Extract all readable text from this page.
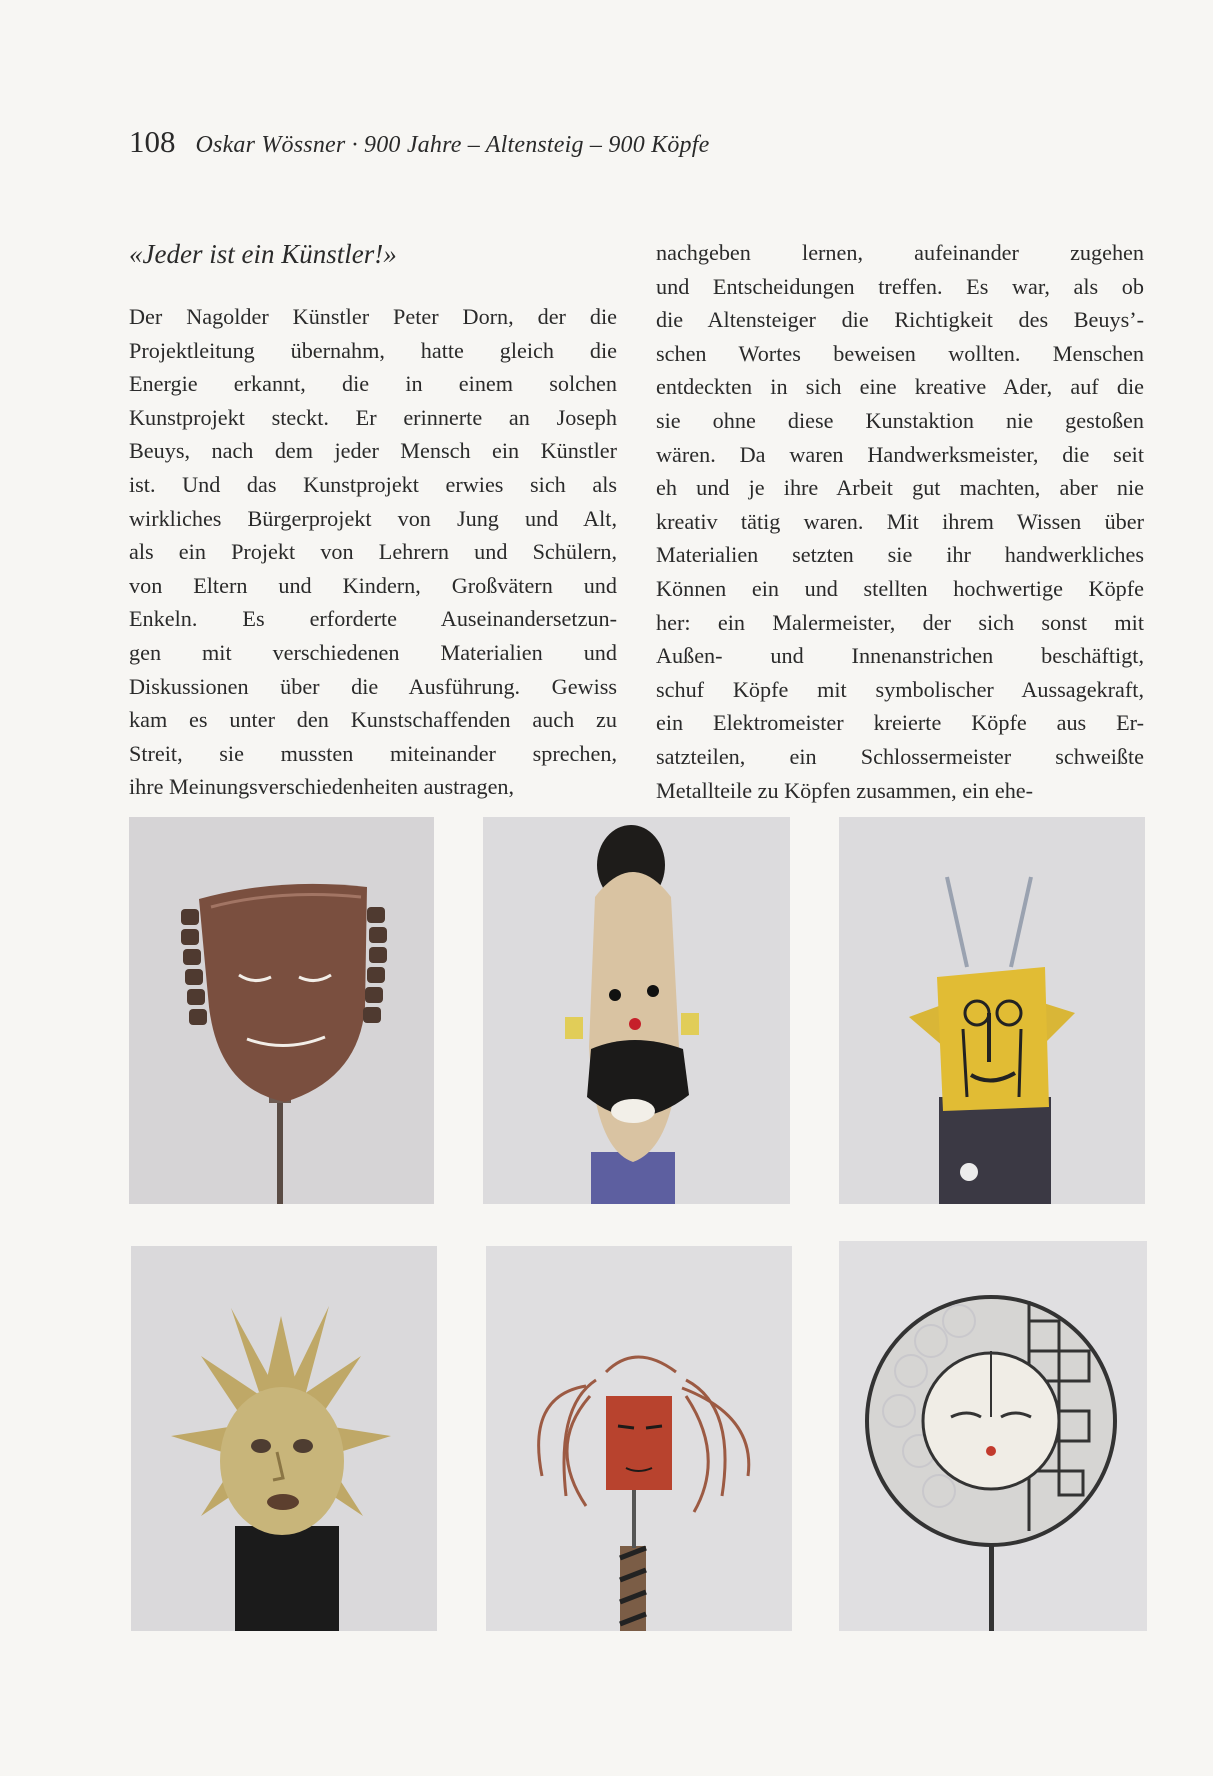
108 Oskar Wössner · 900 Jahre – Altensteig – 900 Köpfe
«Jeder ist ein Künstler!»
Der Nagolder Künstler Peter Dorn, der die
Projektleitung übernahm, hatte gleich die
Energie erkannt, die in einem solchen
Kunstprojekt steckt. Er erinnerte an Joseph
Beuys, nach dem jeder Mensch ein Künstler
ist. Und das Kunstprojekt erwies sich als
wirkliches Bürgerprojekt von Jung und Alt,
als ein Projekt von Lehrern und Schülern,
von Eltern und Kindern, Großvätern und
Enkeln. Es erforderte Auseinandersetzun-
gen mit verschiedenen Materialien und
Diskussionen über die Ausführung. Gewiss
kam es unter den Kunstschaffenden auch zu
Streit, sie mussten miteinander sprechen,
ihre Meinungsverschiedenheiten austragen,
nachgeben lernen, aufeinander zugehen
und Entscheidungen treffen. Es war, als ob
die Altensteiger die Richtigkeit des Beuys’-
schen Wortes beweisen wollten. Menschen
entdeckten in sich eine kreative Ader, auf die
sie ohne diese Kunstaktion nie gestoßen
wären. Da waren Handwerksmeister, die seit
eh und je ihre Arbeit gut machten, aber nie
kreativ tätig waren. Mit ihrem Wissen über
Materialien setzten sie ihr handwerkliches
Können ein und stellten hochwertige Köpfe
her: ein Malermeister, der sich sonst mit
Außen- und Innenanstrichen beschäftigt,
schuf Köpfe mit symbolischer Aussagekraft,
ein Elektromeister kreierte Köpfe aus Er-
satzteilen, ein Schlossermeister schweißte
Metallteile zu Köpfen zusammen, ein ehe-
